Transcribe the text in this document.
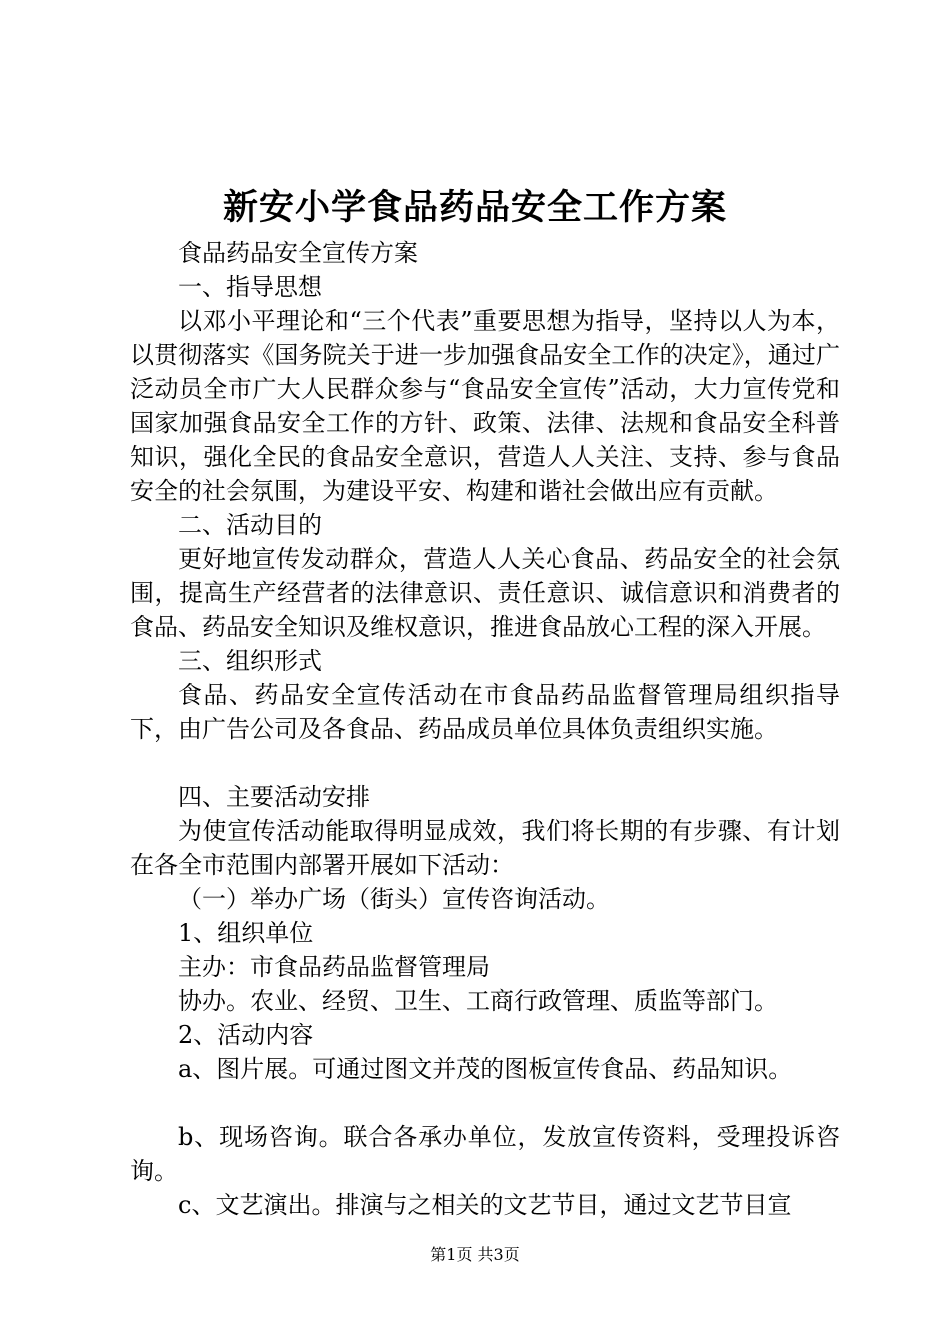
新安小学食品药品安全工作方案

食品药品安全宣传方案

一、指导思想

以邓小平理论和“三个代表”重要思想为指导，坚持以人为本，以贯彻落实《国务院关于进一步加强食品安全工作的决定》，通过广泛动员全市广大人民群众参与“食品安全宣传”活动，大力宣传党和国家加强食品安全工作的方针、政策、法律、法规和食品安全科普知识，强化全民的食品安全意识，营造人人关注、支持、参与食品安全的社会氛围，为建设平安、构建和谐社会做出应有贡献。

二、活动目的

更好地宣传发动群众，营造人人关心食品、药品安全的社会氛围，提高生产经营者的法律意识、责任意识、诚信意识和消费者的食品、药品安全知识及维权意识，推进食品放心工程的深入开展。

三、组织形式

食品、药品安全宣传活动在市食品药品监督管理局组织指导下，由广告公司及各食品、药品成员单位具体负责组织实施。

四、主要活动安排

为使宣传活动能取得明显成效，我们将长期的有步骤、有计划在各全市范围内部署开展如下活动：

（一）举办广场（街头）宣传咨询活动。

1、组织单位

主办：市食品药品监督管理局

协办。农业、经贸、卫生、工商行政管理、质监等部门。

2、活动内容

a、图片展。可通过图文并茂的图板宣传食品、药品知识。

b、现场咨询。联合各承办单位，发放宣传资料，受理投诉咨询。

c、文艺演出。排演与之相关的文艺节目，通过文艺节目宣

第1页 共3页
